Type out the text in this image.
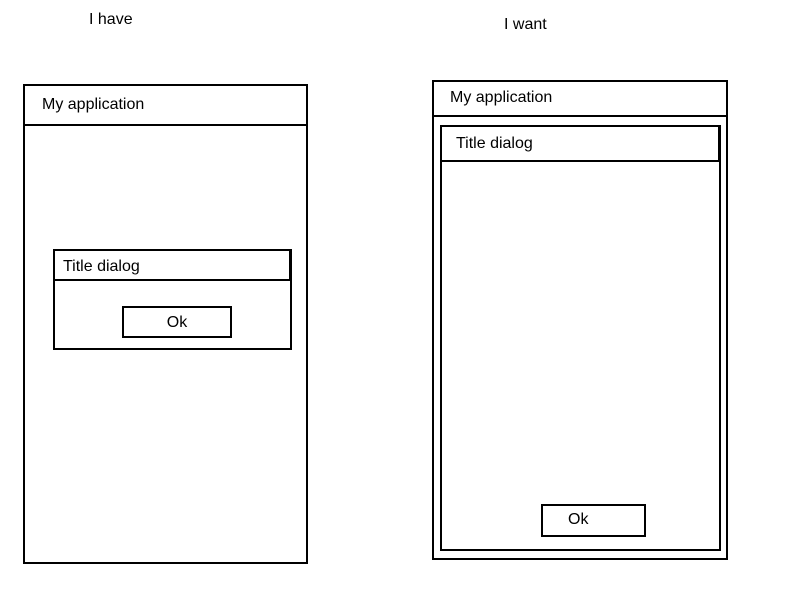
I have
My application
Title dialog
Ok
I want
My application
Title dialog
Ok
